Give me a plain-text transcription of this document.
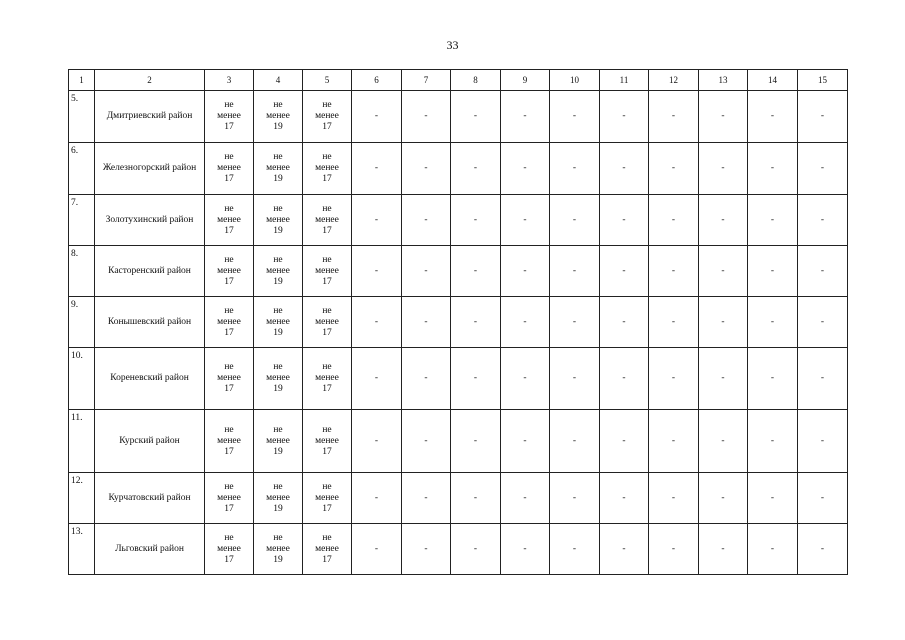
33
1	2	3	4	5	6	7	8	9	10	11	12	13	14	15
5.	Дмитриевский район	не
менее
17	не
менее
19	не
менее
17	-	-	-	-	-	-	-	-	-	-
6.	Железногорский район	не
менее
17	не
менее
19	не
менее
17	-	-	-	-	-	-	-	-	-	-
7.	Золотухинский район	не
менее
17	не
менее
19	не
менее
17	-	-	-	-	-	-	-	-	-	-
8.	Касторенский район	не
менее
17	не
менее
19	не
менее
17	-	-	-	-	-	-	-	-	-	-
9.	Конышевский район	не
менее
17	не
менее
19	не
менее
17	-	-	-	-	-	-	-	-	-	-
10.	Кореневский район	не
менее
17	не
менее
19	не
менее
17	-	-	-	-	-	-	-	-	-	-
11.	Курский район	не
менее
17	не
менее
19	не
менее
17	-	-	-	-	-	-	-	-	-	-
12.	Курчатовский район	не
менее
17	не
менее
19	не
менее
17	-	-	-	-	-	-	-	-	-	-
13.	Льговский район	не
менее
17	не
менее
19	не
менее
17	-	-	-	-	-	-	-	-	-	-
